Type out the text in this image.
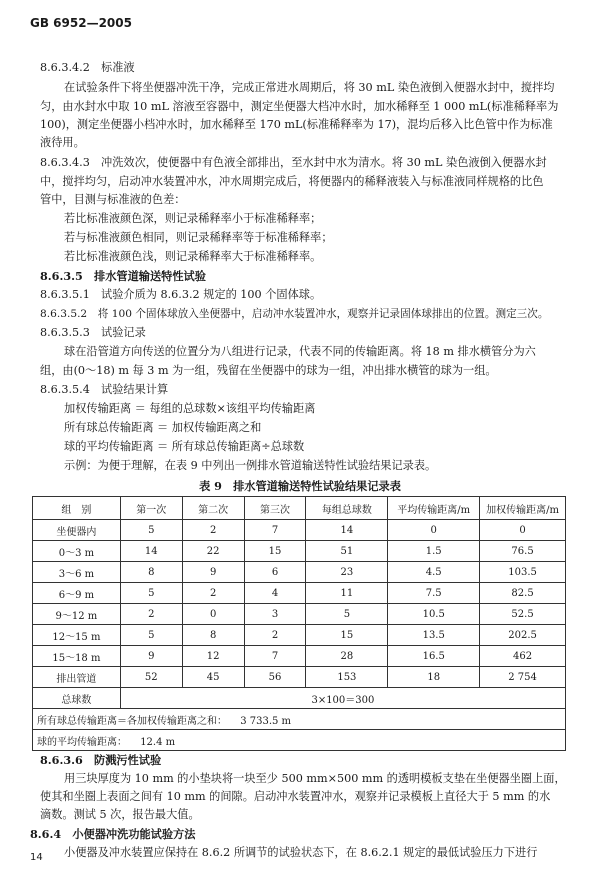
GB 6952—2005
8.6.3.4.2　标准液
在试验条件下将坐便器冲洗干净，完成正常进水周期后，将 30 mL 染色液倒入便器水封中，搅拌均
匀，由水封水中取 10 mL 溶液至容器中，测定坐便器大档冲水时，加水稀释至 1 000 mL(标准稀释率为
100)，测定坐便器小档冲水时，加水稀释至 170 mL(标准稀释率为 17)，混均后移入比色管中作为标准
液待用。
8.6.3.4.3　冲洗效次，使便器中有色液全部排出，至水封中水为清水。将 30 mL 染色液倒入便器水封
中，搅拌均匀，启动冲水装置冲水，冲水周期完成后，将便器内的稀释液装入与标准液同样规格的比色
管中，目测与标准液的色差：
若比标准液颜色深，则记录稀释率小于标准稀释率；
若与标准液颜色相同，则记录稀释率等于标准稀释率；
若比标准液颜色浅，则记录稀释率大于标准稀释率。
8.6.3.5　排水管道输送特性试验
8.6.3.5.1　试验介质为 8.6.3.2 规定的 100 个固体球。
8.6.3.5.2　将 100 个固体球放入坐便器中，启动冲水装置冲水，观察并记录固体球排出的位置。测定三次。
8.6.3.5.3　试验记录
球在沿管道方向传送的位置分为八组进行记录，代表不同的传输距离。将 18 m 排水横管分为六
组，由(0～18) m 每 3 m 为一组，残留在坐便器中的球为一组，冲出排水横管的球为一组。
8.6.3.5.4　试验结果计算
加权传输距离 ＝ 每组的总球数×该组平均传输距离
所有球总传输距离 ＝ 加权传输距离之和
球的平均传输距离 ＝ 所有球总传输距离÷总球数
示例：为便于理解，在表 9 中列出一例排水管道输送特性试验结果记录表。
表 9　排水管道输送特性试验结果记录表
组　别	第一次	第二次	第三次	每组总球数	平均传输距离/m	加权传输距离/m
坐便器内	5	2	7	14	0	0
0～3 m	14	22	15	51	1.5	76.5
3～6 m	8	9	6	23	4.5	103.5
6～9 m	5	2	4	11	7.5	82.5
9～12 m	2	0	3	5	10.5	52.5
12～15 m	5	8	2	15	13.5	202.5
15～18 m	9	12	7	28	16.5	462
排出管道	52	45	56	153	18	2 754
总球数	3×100＝300					
所有球总传输距离＝各加权传输距离之和： 3 733.5 m						
球的平均传输距离： 12.4 m						
8.6.3.6　防溅污性试验
用三块厚度为 10 mm 的小垫块将一块至少 500 mm×500 mm 的透明模板支垫在坐便器坐圈上面，
使其和坐圈上表面之间有 10 mm 的间隙。启动冲水装置冲水，观察并记录模板上直径大于 5 mm 的水
滴数。测试 5 次，报告最大值。
8.6.4　小便器冲洗功能试验方法
小便器及冲水装置应保持在 8.6.2 所调节的试验状态下，在 8.6.2.1 规定的最低试验压力下进行
14
